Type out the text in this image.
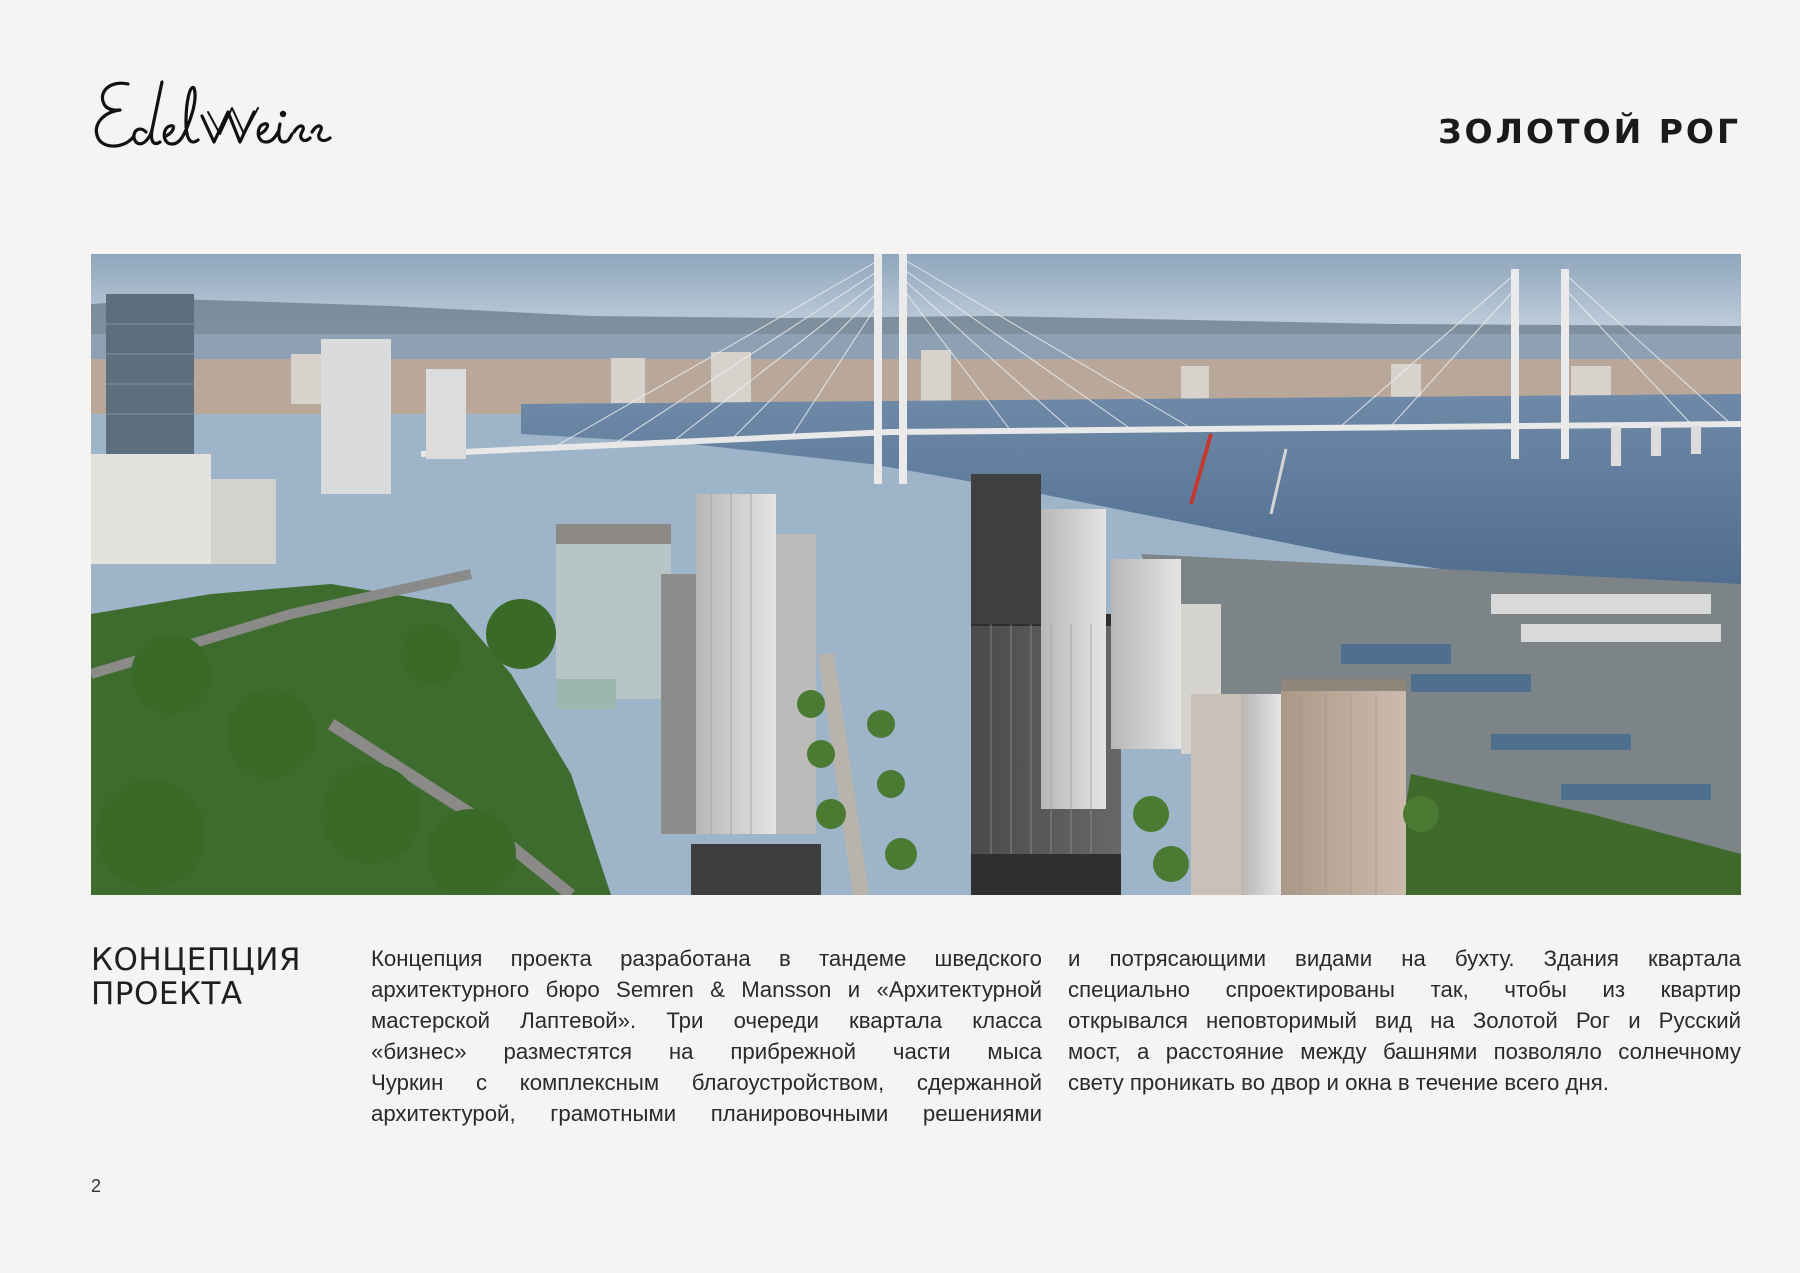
ЗОЛОТОЙ РОГ
КОНЦЕПЦИЯ
ПРОЕКТА
Концепция проекта разработана в тандеме шведского
архитектурного бюро Semren & Mansson и «Архитектурной
мастерской Лаптевой». Три очереди квартала класса
«бизнес» разместятся на прибрежной части мыса
Чуркин с комплексным благоустройством, сдержанной
архитектурой, грамотными планировочными решениями
и потрясающими видами на бухту. Здания квартала
специально спроектированы так, чтобы из квартир
открывался неповторимый вид на Золотой Рог и Русский
мост, а расстояние между башнями позволяло солнечному
свету проникать во двор и окна в течение всего дня.
2
